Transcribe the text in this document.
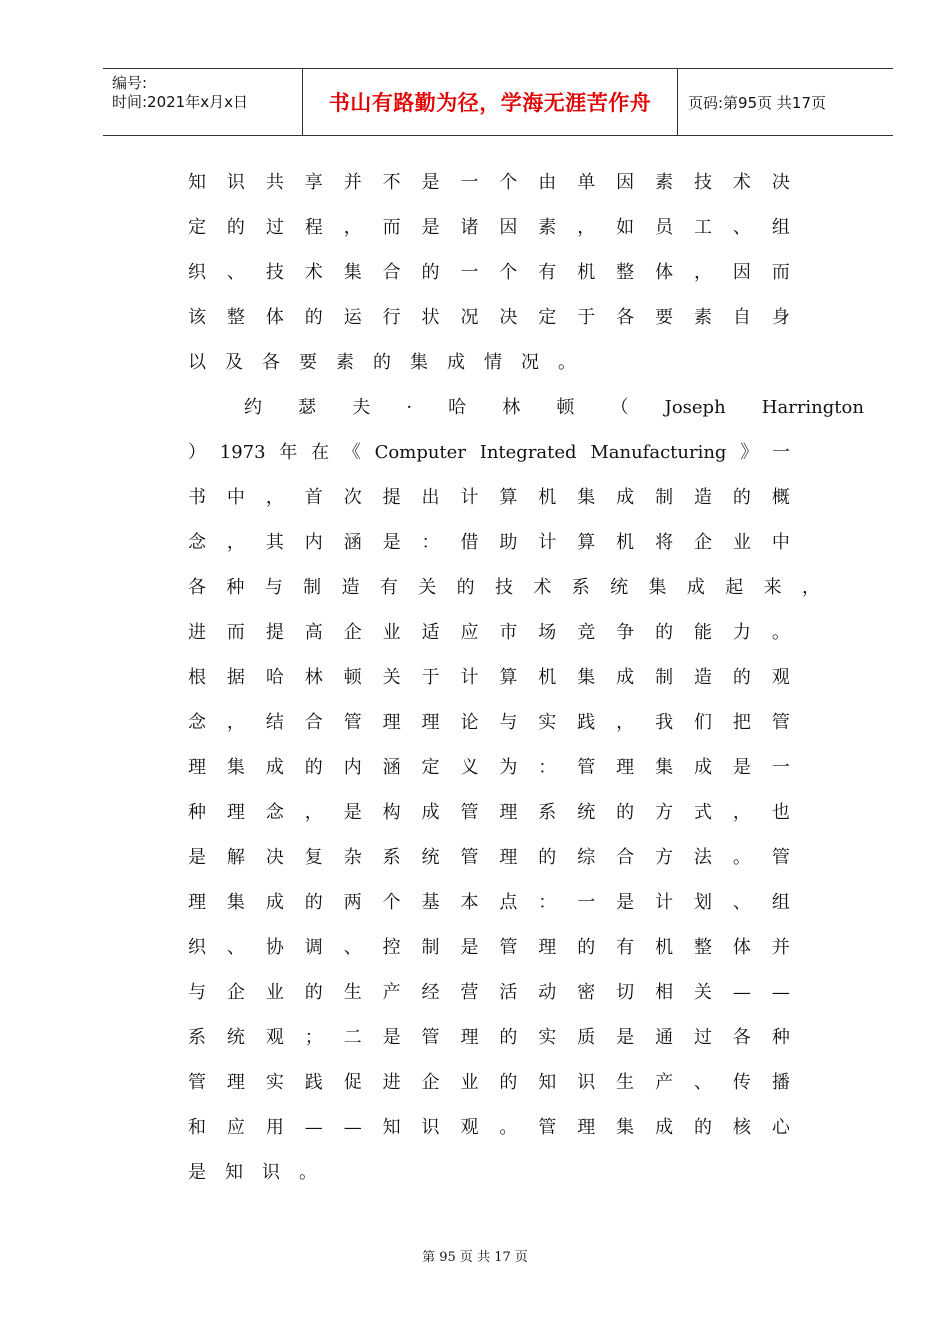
编号:
时间:2021年x月x日	书山有路勤为径，学海无涯苦作舟 页码:第95页 共17页
知 识 共 享 并 不 是 一 个 由 单 因 素 技 术 决
定 的 过 程 ， 而 是 诸 因 素 ， 如 员 工 、 组
织 、 技 术 集 合 的 一 个 有 机 整 体 ， 因 而
该 整 体 的 运 行 状 况 决 定 于 各 要 素 自 身
以 及 各 要 素 的 集 成 情 况 。
约 瑟 夫 · 哈 林 顿 （ Joseph Harrington
） 1973 年 在 《 Computer Integrated Manufacturing 》 一
书 中 ， 首 次 提 出 计 算 机 集 成 制 造 的 概
念 ， 其 内 涵 是 ： 借 助 计 算 机 将 企 业 中
各 种 与 制 造 有 关 的 技 术 系 统 集 成 起 来 ，
进 而 提 高 企 业 适 应 市 场 竞 争 的 能 力 。
根 据 哈 林 顿 关 于 计 算 机 集 成 制 造 的 观
念 ， 结 合 管 理 理 论 与 实 践 ， 我 们 把 管
理 集 成 的 内 涵 定 义 为 ： 管 理 集 成 是 一
种 理 念 ， 是 构 成 管 理 系 统 的 方 式 ， 也
是 解 决 复 杂 系 统 管 理 的 综 合 方 法 。 管
理 集 成 的 两 个 基 本 点 ： 一 是 计 划 、 组
织 、 协 调 、 控 制 是 管 理 的 有 机 整 体 并
与 企 业 的 生 产 经 营 活 动 密 切 相 关 — —
系 统 观 ； 二 是 管 理 的 实 质 是 通 过 各 种
管 理 实 践 促 进 企 业 的 知 识 生 产 、 传 播
和 应 用 — — 知 识 观 。 管 理 集 成 的 核 心
是 知 识 。
第 95 页 共 17 页
